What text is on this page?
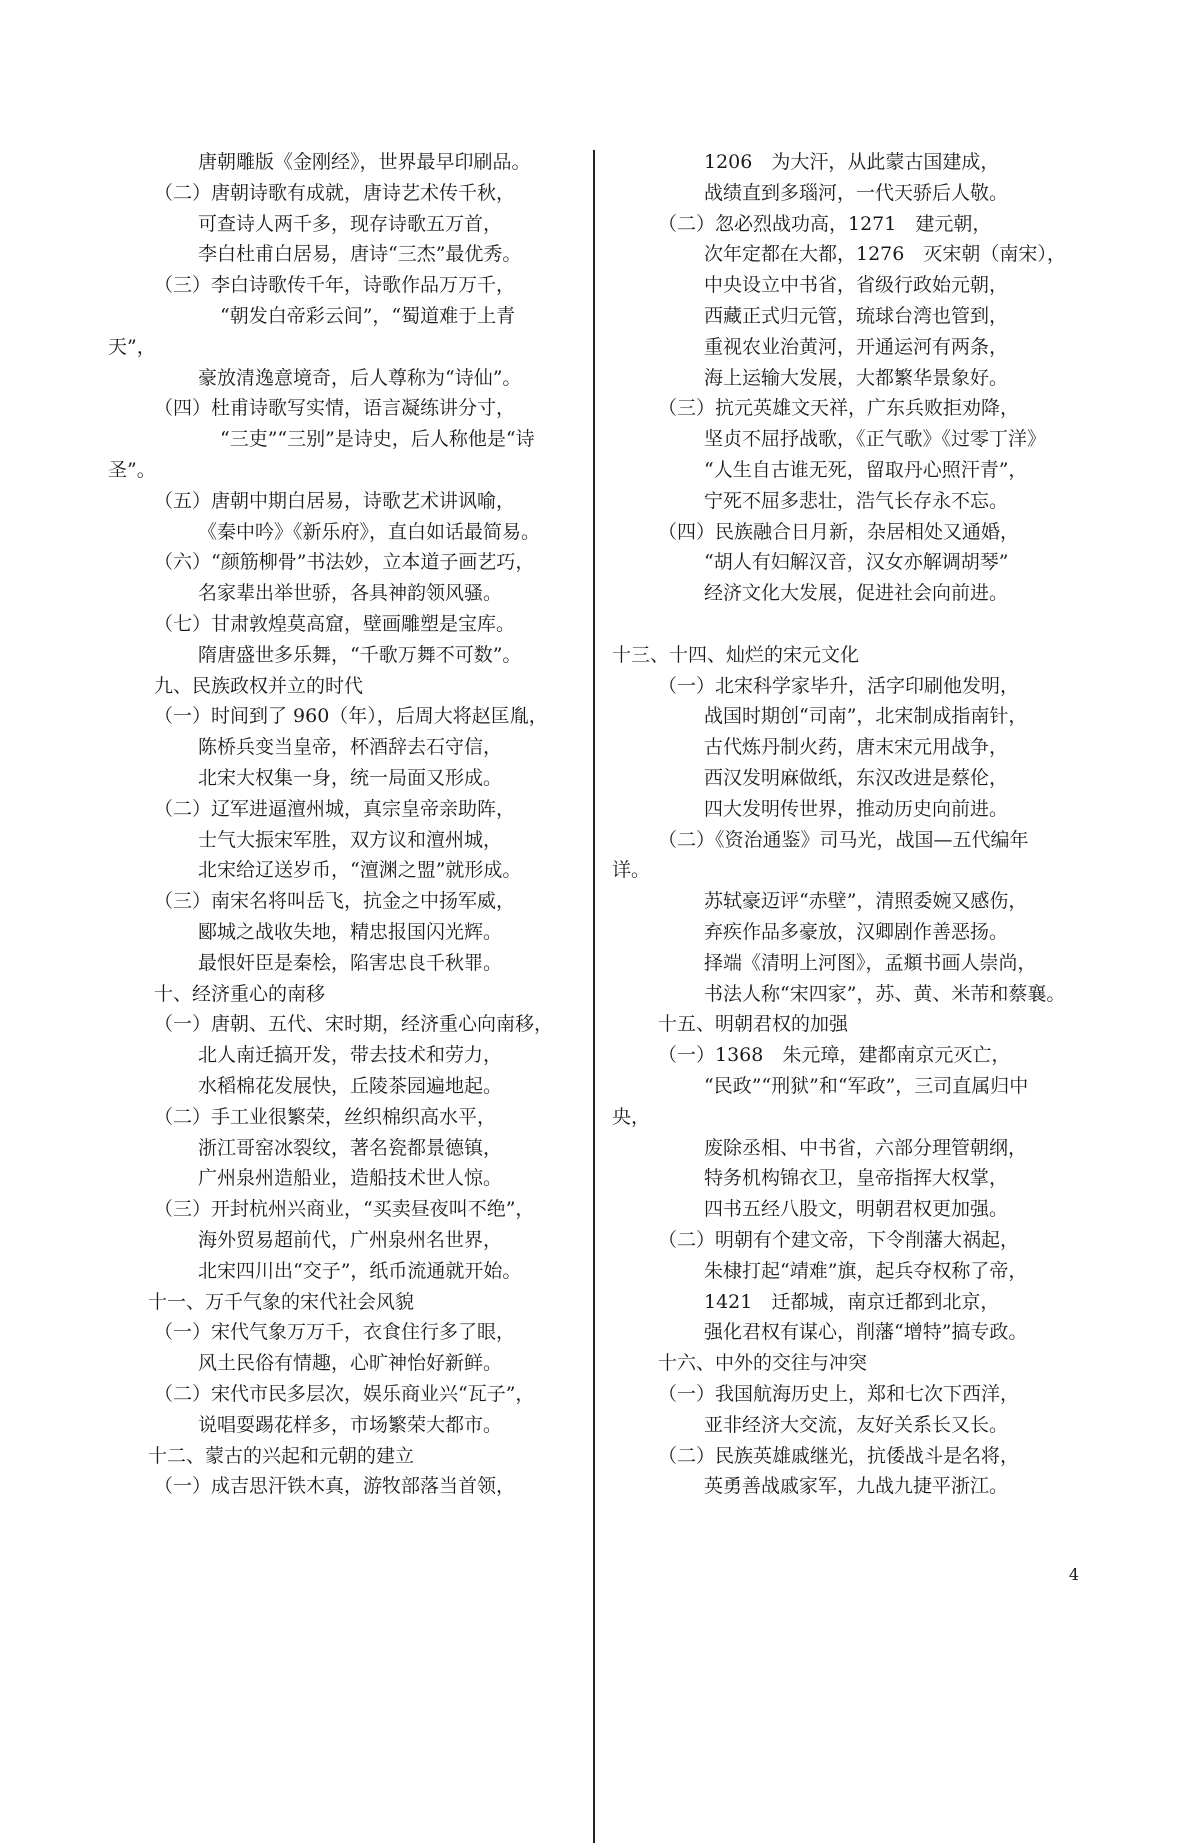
唐朝雕版《金刚经》，世界最早印刷品。
（二）唐朝诗歌有成就，唐诗艺术传千秋，
可查诗人两千多，现存诗歌五万首，
李白杜甫白居易，唐诗“三杰”最优秀。
（三）李白诗歌传千年，诗歌作品万万千，
“朝发白帝彩云间”，“蜀道难于上青
天”，
豪放清逸意境奇，后人尊称为“诗仙”。
（四）杜甫诗歌写实情，语言凝练讲分寸，
“三吏”“三别”是诗史，后人称他是“诗
圣”。
（五）唐朝中期白居易，诗歌艺术讲讽喻，
《秦中吟》《新乐府》，直白如话最简易。
（六）“颜筋柳骨”书法妙，立本道子画艺巧，
名家辈出举世骄，各具神韵领风骚。
（七）甘肃敦煌莫高窟，壁画雕塑是宝库。
隋唐盛世多乐舞，“千歌万舞不可数”。
九、民族政权并立的时代
（一）时间到了 960（年），后周大将赵匡胤，
陈桥兵变当皇帝，杯酒辞去石守信，
北宋大权集一身，统一局面又形成。
（二）辽军进逼澶州城，真宗皇帝亲助阵，
士气大振宋军胜，双方议和澶州城，
北宋给辽送岁币，“澶渊之盟”就形成。
（三）南宋名将叫岳飞，抗金之中扬军威，
郾城之战收失地，精忠报国闪光辉。
最恨奸臣是秦桧，陷害忠良千秋罪。
十、经济重心的南移
（一）唐朝、五代、宋时期，经济重心向南移，
北人南迁搞开发，带去技术和劳力，
水稻棉花发展快，丘陵茶园遍地起。
（二）手工业很繁荣，丝织棉织高水平，
浙江哥窑冰裂纹，著名瓷都景德镇，
广州泉州造船业，造船技术世人惊。
（三）开封杭州兴商业，“买卖昼夜叫不绝”，
海外贸易超前代，广州泉州名世界，
北宋四川出“交子”，纸币流通就开始。
十一、万千气象的宋代社会风貌
（一）宋代气象万万千，衣食住行多了眼，
风土民俗有情趣，心旷神怡好新鲜。
（二）宋代市民多层次，娱乐商业兴“瓦子”，
说唱耍踢花样多，市场繁荣大都市。
十二、蒙古的兴起和元朝的建立
（一）成吉思汗铁木真，游牧部落当首领，
1206　为大汗，从此蒙古国建成，
战绩直到多瑙河，一代天骄后人敬。
（二）忽必烈战功高，1271　建元朝，
次年定都在大都，1276　灭宋朝（南宋），
中央设立中书省，省级行政始元朝，
西藏正式归元管，琉球台湾也管到，
重视农业治黄河，开通运河有两条，
海上运输大发展，大都繁华景象好。
（三）抗元英雄文天祥，广东兵败拒劝降，
坚贞不屈抒战歌，《正气歌》《过零丁洋》
“人生自古谁无死，留取丹心照汗青”，
宁死不屈多悲壮，浩气长存永不忘。
（四）民族融合日月新，杂居相处又通婚，
“胡人有妇解汉音，汉女亦解调胡琴”
经济文化大发展，促进社会向前进。
十三、十四、灿烂的宋元文化
（一）北宋科学家毕升，活字印刷他发明，
战国时期创“司南”，北宋制成指南针，
古代炼丹制火药，唐末宋元用战争，
西汉发明麻做纸，东汉改进是蔡伦，
四大发明传世界，推动历史向前进。
（二）《资治通鉴》司马光，战国—五代编年
详。
苏轼豪迈评“赤壁”，清照委婉又感伤，
弃疾作品多豪放，汉卿剧作善恶扬。
择端《清明上河图》，孟頫书画人崇尚，
书法人称“宋四家”，苏、黄、米芾和蔡襄。
十五、明朝君权的加强
（一）1368　朱元璋，建都南京元灭亡，
“民政”“刑狱”和“军政”，三司直属归中
央，
废除丞相、中书省，六部分理管朝纲，
特务机构锦衣卫，皇帝指挥大权掌，
四书五经八股文，明朝君权更加强。
（二）明朝有个建文帝，下令削藩大祸起，
朱棣打起“靖难”旗，起兵夺权称了帝，
1421　迁都城，南京迁都到北京，
强化君权有谋心，削藩“增特”搞专政。
十六、中外的交往与冲突
（一）我国航海历史上，郑和七次下西洋，
亚非经济大交流，友好关系长又长。
（二）民族英雄戚继光，抗倭战斗是名将，
英勇善战戚家军，九战九捷平浙江。
4
